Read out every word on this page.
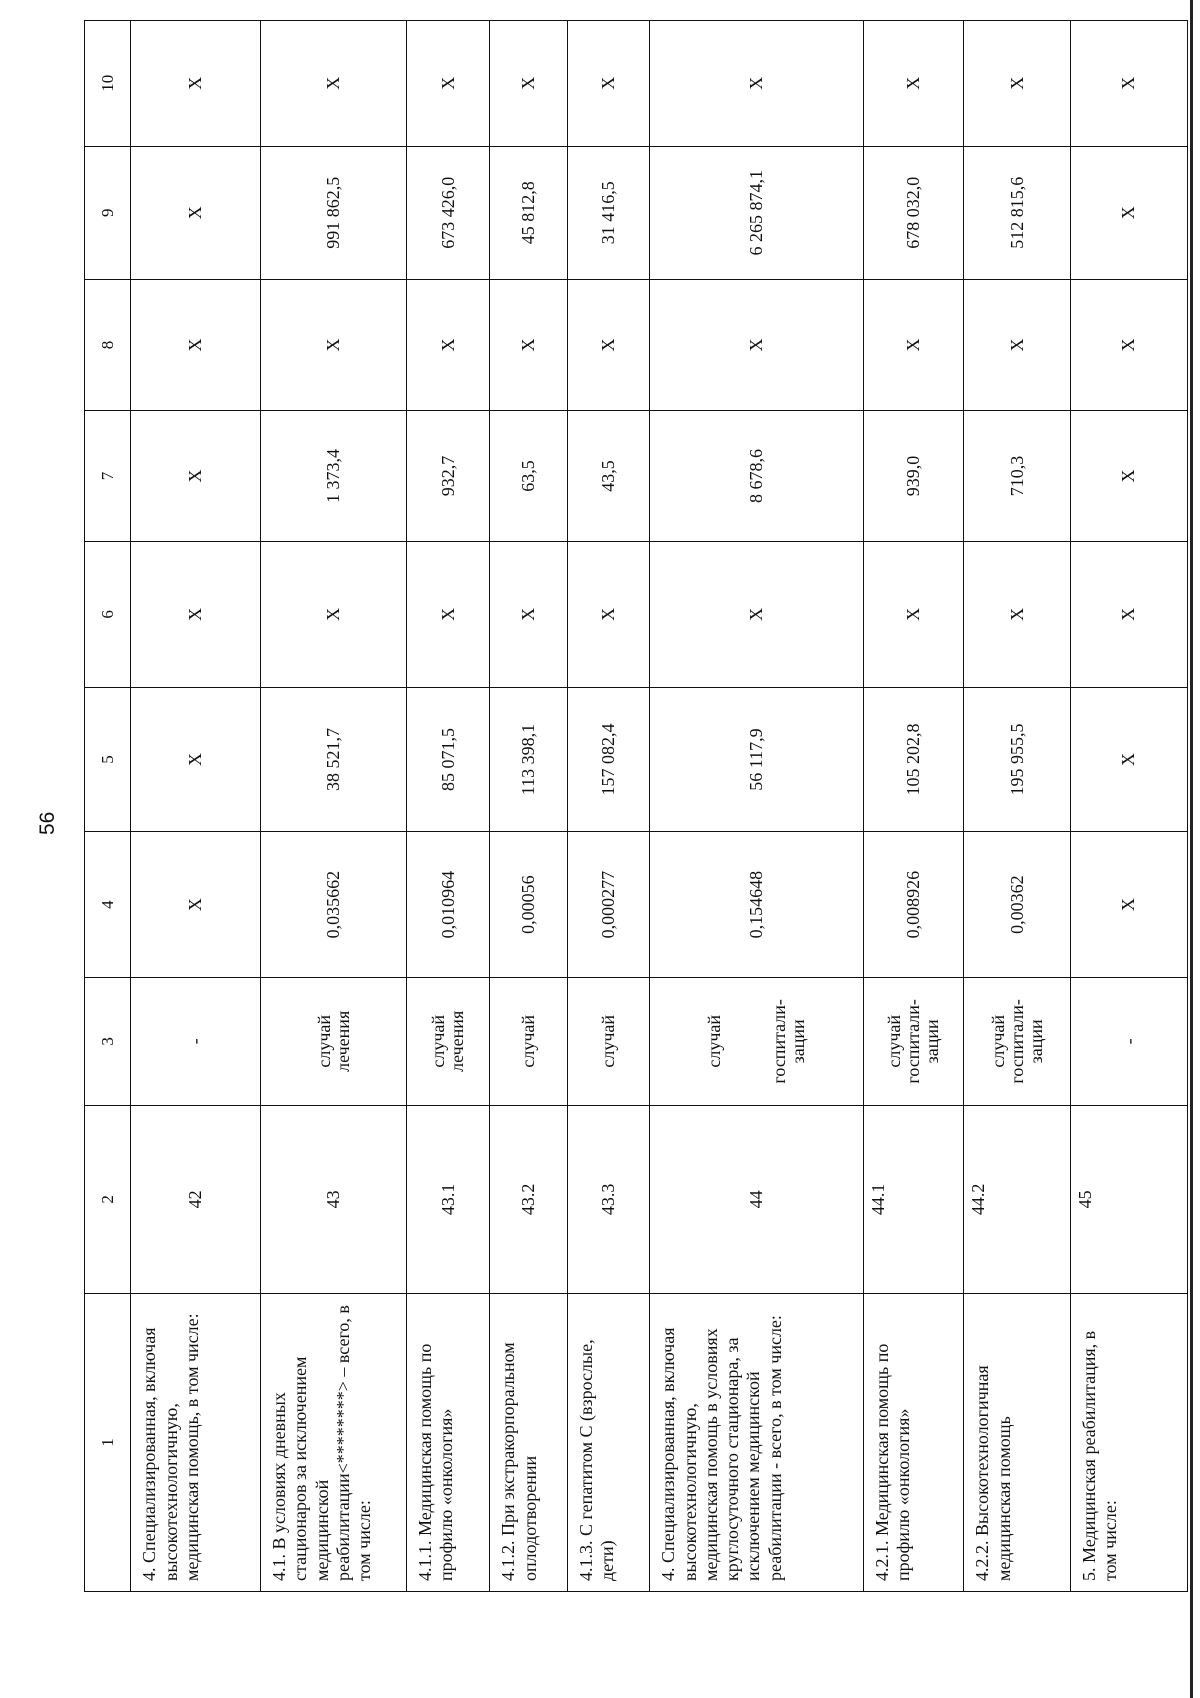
56
1	2	3	4	5	6	7	8	9	10
4. Специализированная, включая высокотехнологичную, медицинская помощь, в том числе:	42	-	X	X	X	X	X	X	X
4.1. В условиях дневных стационаров за исключением медицинской реабилитации<********> – всего, в том числе:	43	случай лечения	0,035662	38 521,7	X	1 373,4	X	991 862,5	X
4.1.1. Медицинская помощь по профилю «онкология»	43.1	случай лечения	0,010964	85 071,5	X	932,7	X	673 426,0	X
4.1.2. При экстракорпоральном оплодотворении	43.2	случай	0,00056	113 398,1	X	63,5	X	45 812,8	X
4.1.3. С гепатитом С (взрослые, дети)	43.3	случай	0,000277	157 082,4	X	43,5	X	31 416,5	X
4. Специализированная, включая высокотехнологичную, медицинская помощь в условиях круглосуточного стационара, за исключением медицинской реабилитации - всего, в том числе:	44	случай госпитали-зации	0,154648	56 117,9	X	8 678,6	X	6 265 874,1	X
4.2.1. Медицинская помощь по профилю «онкология»	44.1	случай госпитали-зации	0,008926	105 202,8	X	939,0	X	678 032,0	X
4.2.2. Высокотехнологичная медицинская помощь	44.2	случай госпитали-зации	0,00362	195 955,5	X	710,3	X	512 815,6	X
5. Медицинская реабилитация, в том числе:	45	-	X	X	X	X	X	X	X
